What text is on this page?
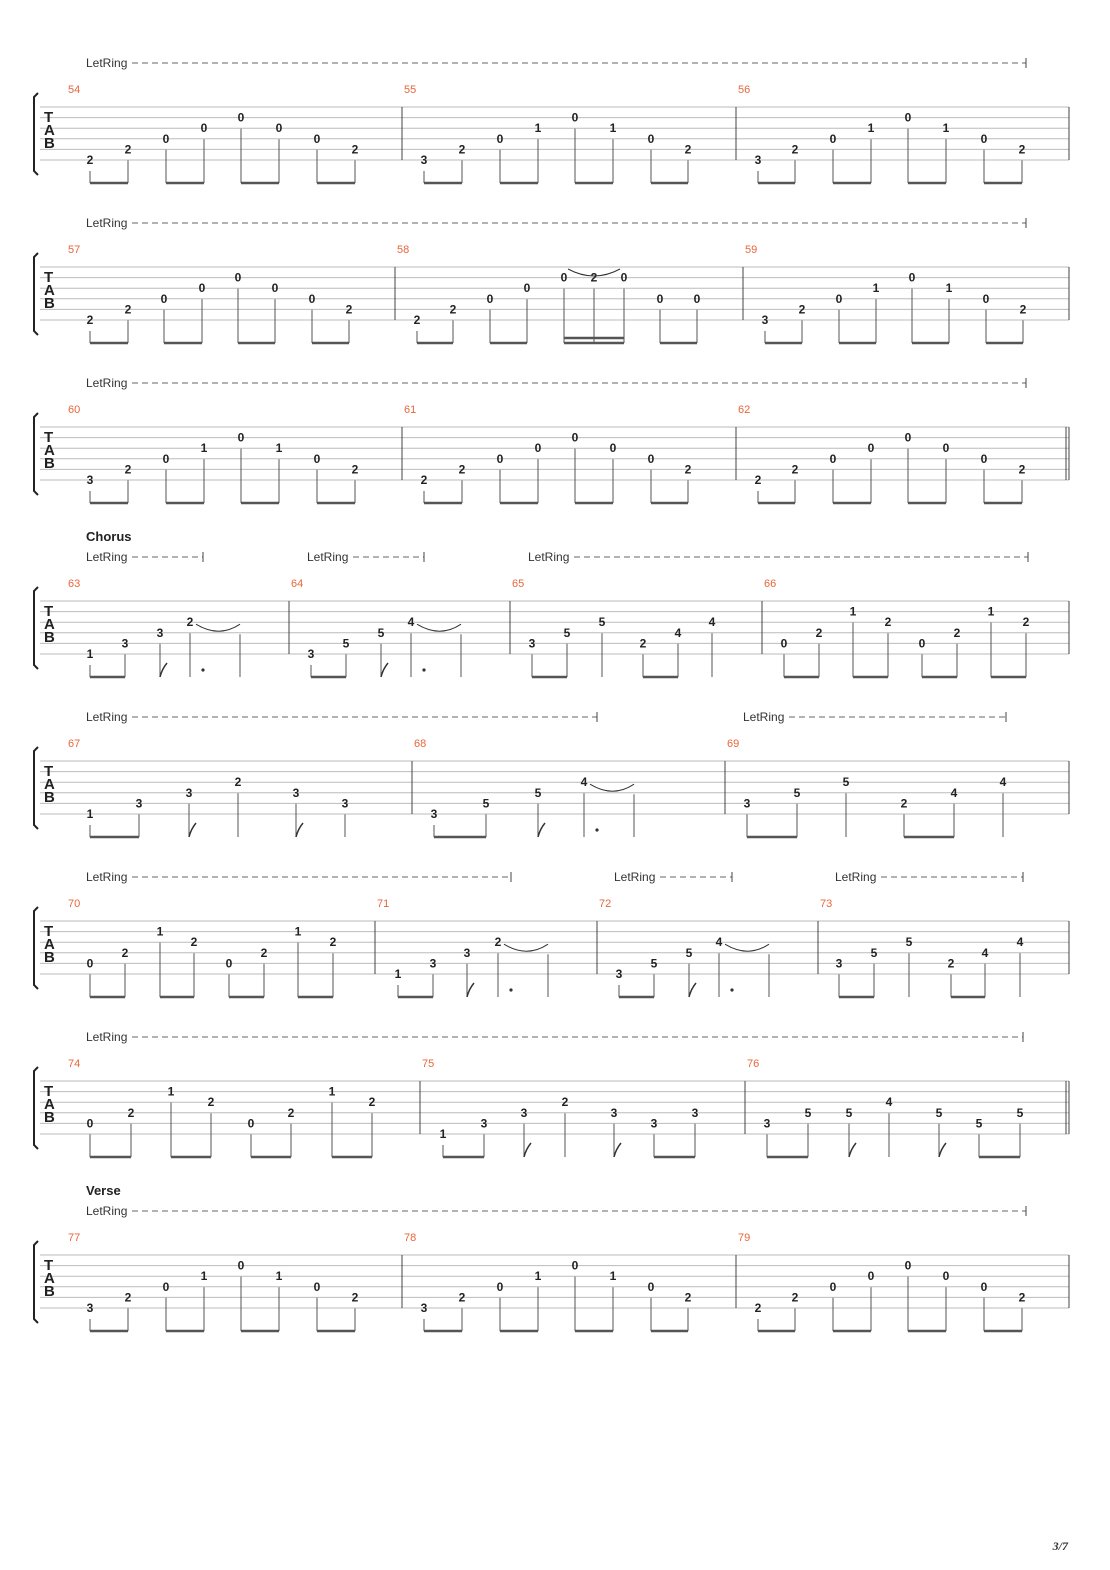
LetRing
T
A
B
54
2
2
0
0
0
0
0
2
55
3
2
0
1
0
1
0
2
56
3
2
0
1
0
1
0
2
LetRing
T
A
B
57
2
2
0
0
0
0
0
2
58
2
2
0
0
0 2 0
0	0
59
3
2
0
1
0
1
0
2
LetRing
T
A
B
60
3
2
0
1
0
1
0
2
61
2
2
0
0
0
0
0
2
62
2
2
0
0
0
0
0
2
Chorus
LetRing	LetRing	LetRing
T
A
B
63
1
3
3
2
64
3
5
5
4
65
3
5
5
2
4
4
66
0
2
1
2
0
2
1
2
LetRing	LetRing
T
A
B
67
1
3
3
2
3
3
68
3
5
5
4
69
3
5
5
2
4
4
LetRing	LetRing	LetRing
T
A
B
70
0
2
1
2
0
2
1
2
71
1
3
3
2
72
3
5
5
4
73
3
5
5
2
4
4
LetRing
T
A
B
74
0
2
1
2
0
2
1
2
75
1
3
3
2
3
3
3
76
3
5	5
4
5
5
5
Verse
LetRing
T
A
B
77
3
2
0
1
0
1
0
2
78
3
2
0
1
0
1
0
2
79
2
2
0
0
0
0
0
2
3/7
